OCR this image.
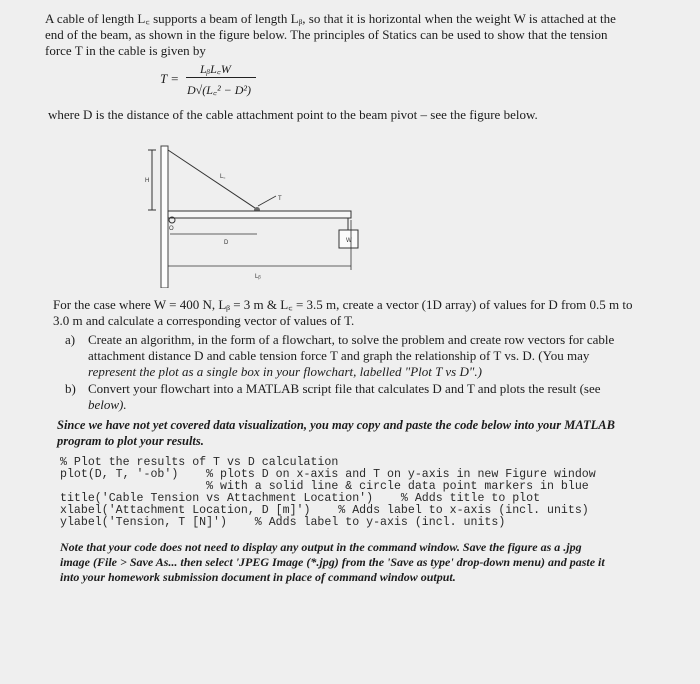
A cable of length L꜀ supports a beam of length Lᵦ, so that it is horizontal when the weight W is attached at the
end of the beam, as shown in the figure below. The principles of Statics can be used to show that the tension
force T in the cable is given by
T =
LᵦL꜀W
D√(L꜀² − D²)
where D is the distance of the cable attachment point to the beam pivot – see the figure below.
H
L꜀
T
O
D	W
Lᵦ
For the case where W = 400 N, Lᵦ = 3 m & L꜀ = 3.5 m, create a vector (1D array) of values for D from 0.5 m to
3.0 m and calculate a corresponding vector of values of T.
a) Create an algorithm, in the form of a flowchart, to solve the problem and create row vectors for cable
attachment distance D and cable tension force T and graph the relationship of T vs. D. (You may
represent the plot as a single box in your flowchart, labelled "Plot T vs D".)
b) Convert your flowchart into a MATLAB script file that calculates D and T and plots the result (see
below).
Since we have not yet covered data visualization, you may copy and paste the code below into your MATLAB
program to plot your results.
% Plot the results of T vs D calculation
plot(D, T, '-ob')    % plots D on x-axis and T on y-axis in new Figure window
% with a solid line & circle data point markers in blue
title('Cable Tension vs Attachment Location')    % Adds title to plot
xlabel('Attachment Location, D [m]')    % Adds label to x-axis (incl. units)
ylabel('Tension, T [N]')    % Adds label to y-axis (incl. units)
Note that your code does not need to display any output in the command window. Save the figure as a .jpg
image (File > Save As... then select 'JPEG Image (*.jpg) from the 'Save as type' drop-down menu) and paste it
into your homework submission document in place of command window output.
